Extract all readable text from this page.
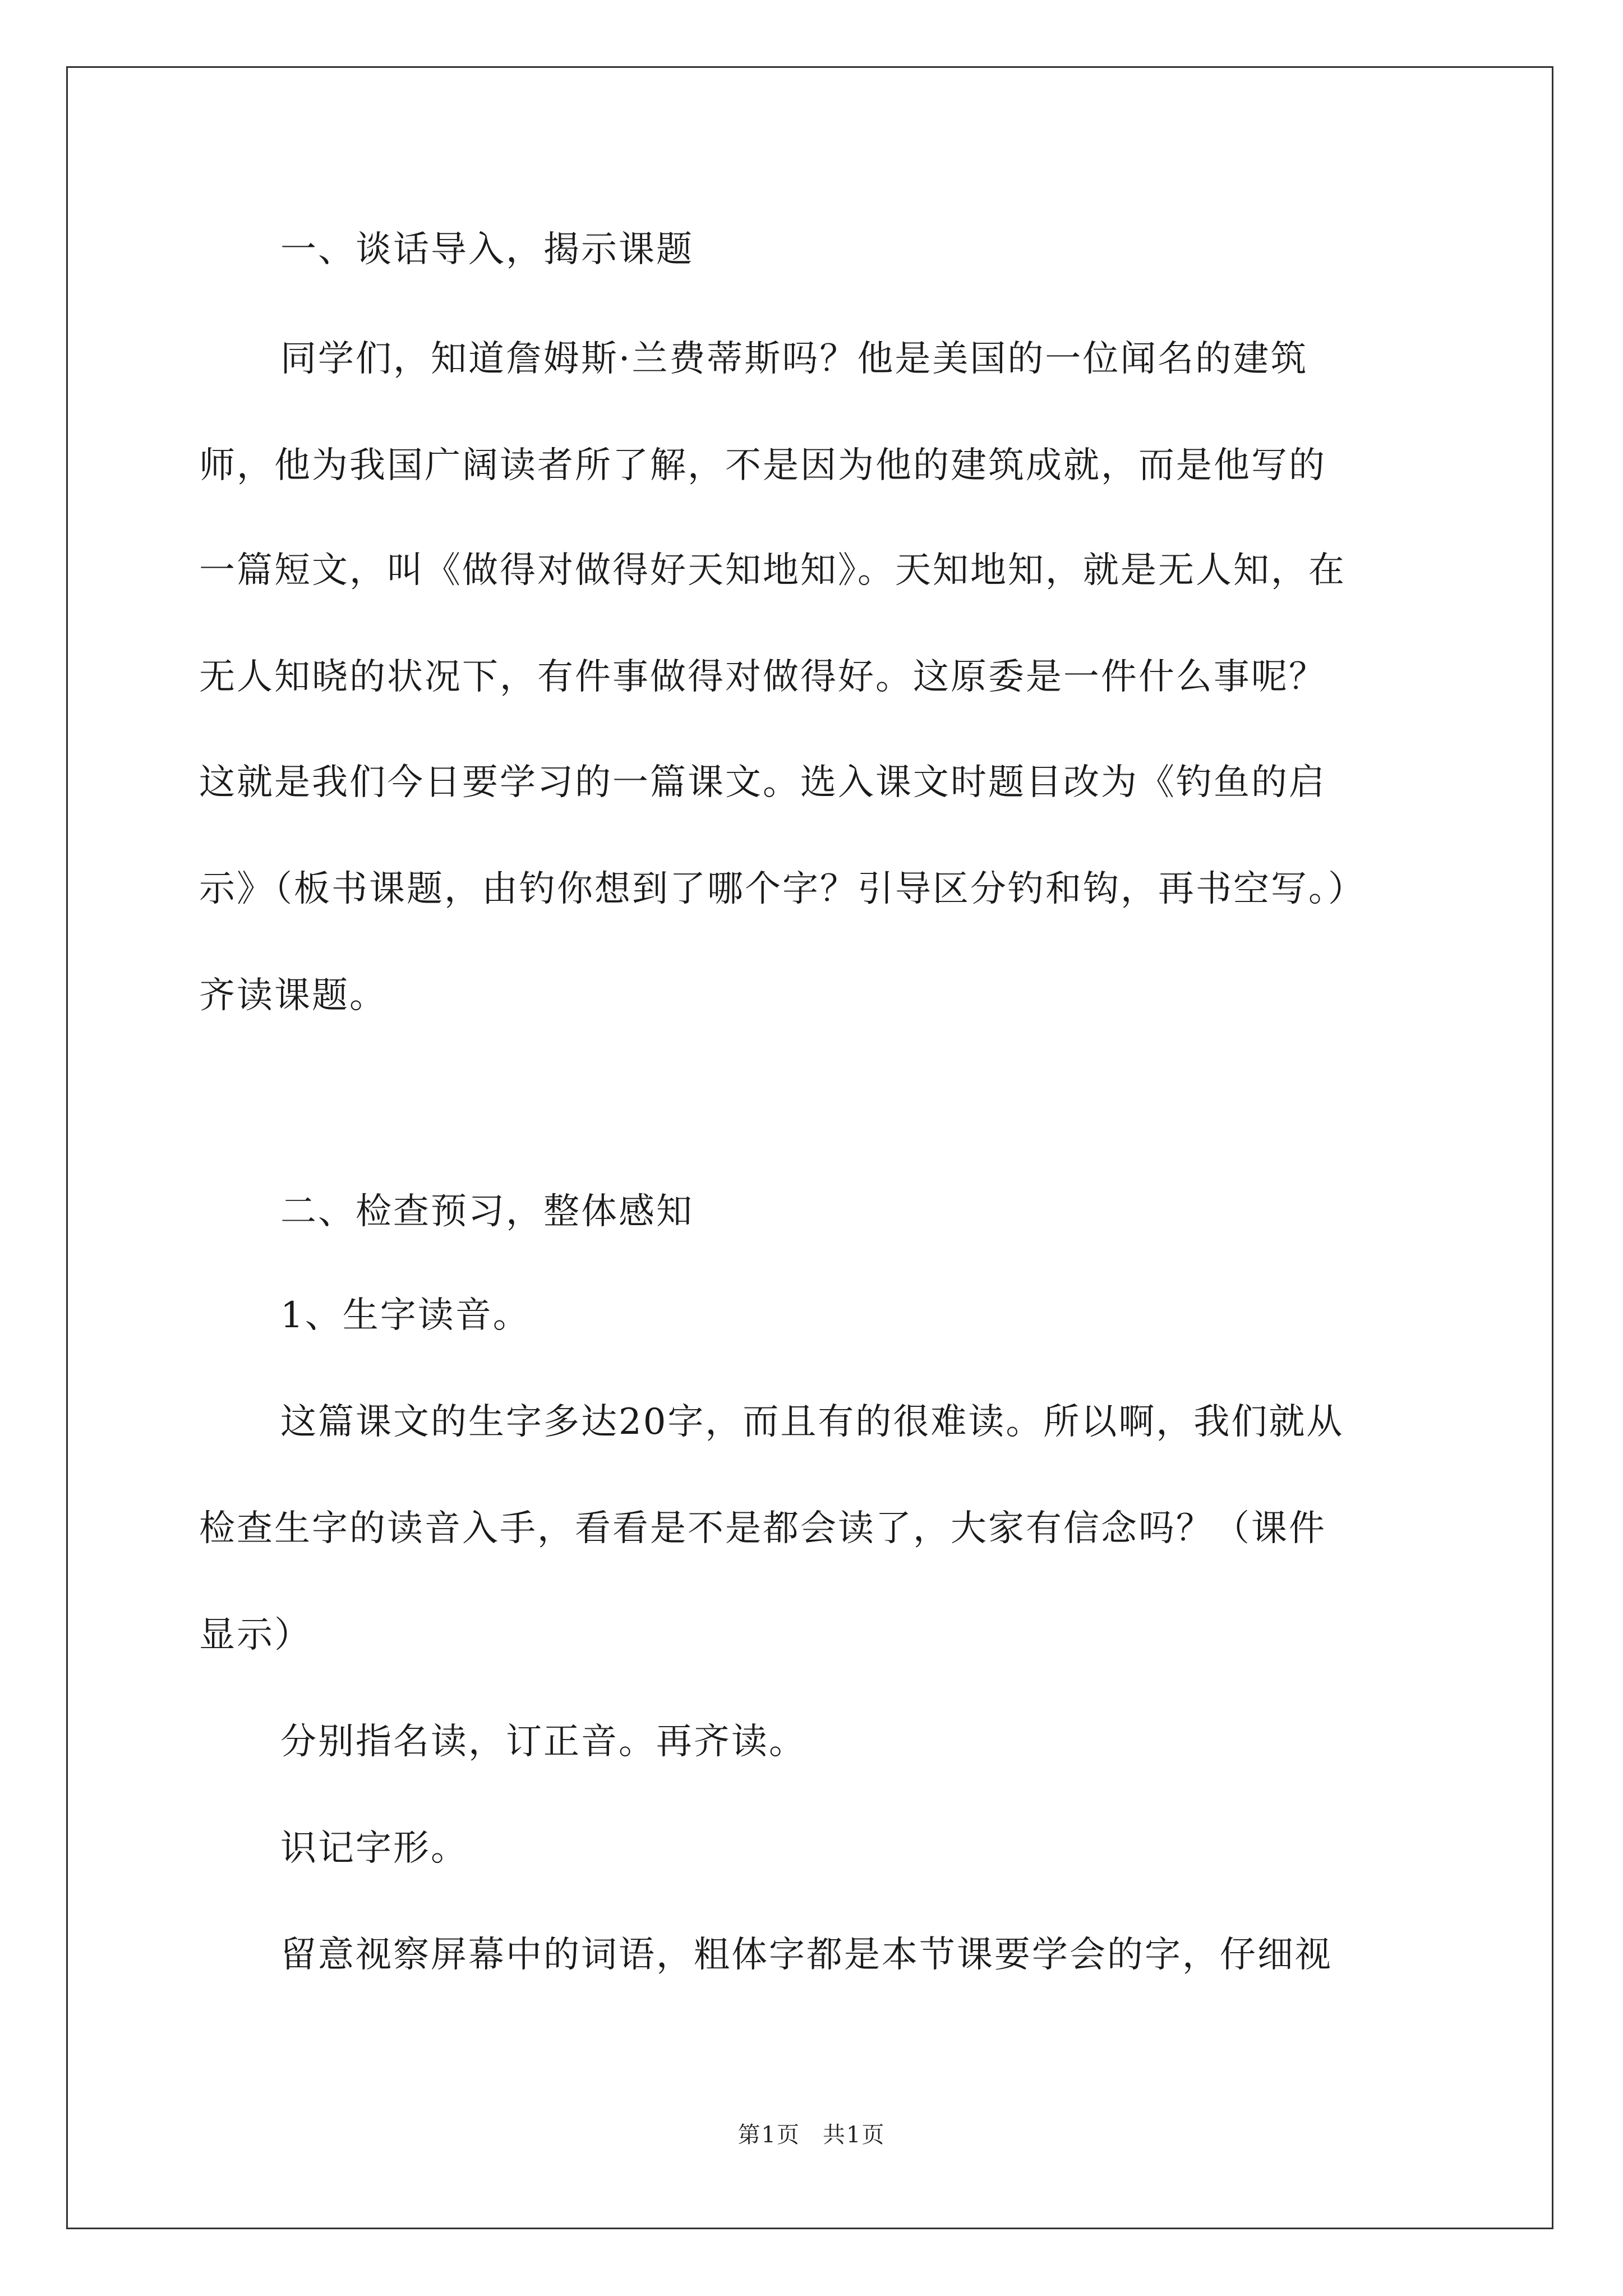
一、谈话导入，揭示课题
同学们，知道詹姆斯·兰费蒂斯吗？他是美国的一位闻名的建筑
师，他为我国广阔读者所了解，不是因为他的建筑成就，而是他写的
一篇短文，叫《做得对做得好天知地知》。天知地知，就是无人知，在
无人知晓的状况下，有件事做得对做得好。这原委是一件什么事呢？
这就是我们今日要学习的一篇课文。选入课文时题目改为《钓鱼的启
示》（板书课题，由钓你想到了哪个字？引导区分钓和钩，再书空写。）
齐读课题。
二、检查预习，整体感知
1、生字读音。
这篇课文的生字多达20字，而且有的很难读。所以啊，我们就从
检查生字的读音入手，看看是不是都会读了，大家有信念吗？（课件
显示）
分别指名读，订正音。再齐读。
识记字形。
留意视察屏幕中的词语，粗体字都是本节课要学会的字，仔细视
第1页 共1页
